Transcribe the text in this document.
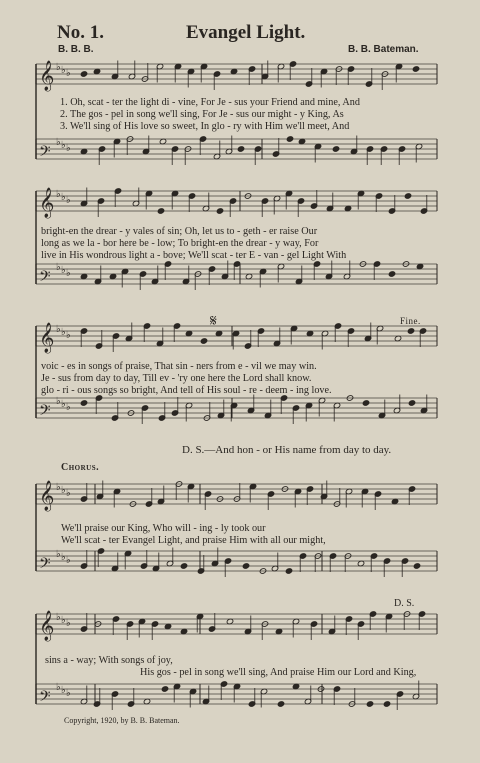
𝄞 ♭ ♭ ♭
𝄢
♭ ♭ ♭
𝄞 ♭ ♭ ♭
𝄢
♭ ♭ ♭
𝄞 ♭ ♭ ♭
𝄢
♭ ♭ ♭
𝄞 ♭ ♭ ♭
𝄢
♭ ♭ ♭
𝄞 ♭ ♭ ♭
𝄢
♭ ♭ ♭
𝄋
No. 1.	Evangel Light.
B. B. B.	B. B. Bateman.
1. Oh, scat - ter the light di - vine, For Je - sus your Friend and mine, And
2. The gos - pel in song we'll sing, For Je - sus our might - y King, As
3. We'll sing of His love so sweet, In glo - ry with Him we'll meet, And
bright-en the drear - y vales of sin; Oh, let us to - geth - er raise Our
long as we la - bor here be - low; To bright-en the drear - y way, For
live in His wondrous light a - bove; We'll scat - ter E - van - gel Light With
Fine.
voic - es in songs of praise, That sin - ners from e - vil we may win.
Je - sus from day to day, Till ev - 'ry one here the Lord shall know.
glo - ri - ous songs so bright, And tell of His soul - re - deem - ing love.
D. S.—And hon - or His name from day to day.
Chorus.
We'll praise our King, Who will - ing - ly took our
We'll scat - ter Evangel Light, and praise Him with all our might,
D. S.
sins a - way; With songs of joy,
His gos - pel in song we'll sing, And praise Him our Lord and King,
Copyright, 1920, by B. B. Bateman.
